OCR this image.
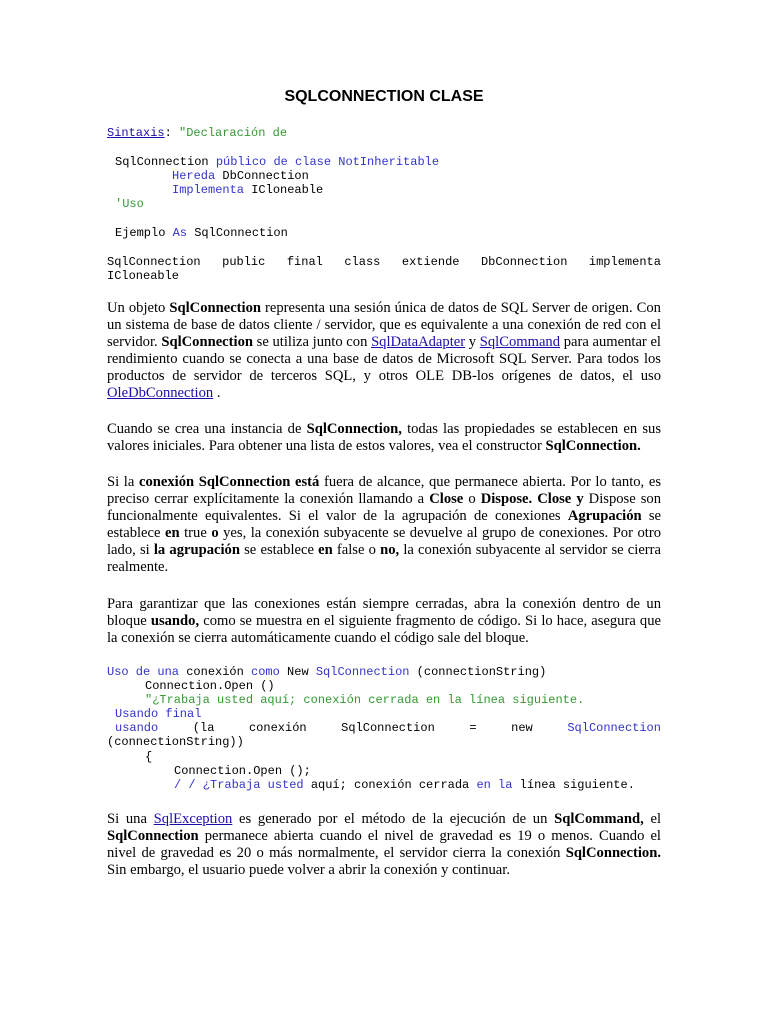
SQLCONNECTION CLASE
Sintaxis: "Declaración de
SqlConnection público de clase NotInheritable
Hereda DbConnection
Implementa ICloneable
'Uso
Ejemplo As SqlConnection
SqlConnection public final class extiende DbConnection implementa
ICloneable

Un objeto SqlConnection representa una sesión única de datos de SQL Server de origen. Con un sistema de base de datos cliente / servidor, que es equivalente a una conexión de red con el servidor. SqlConnection se utiliza junto con SqlDataAdapter y SqlCommand para aumentar el rendimiento cuando se conecta a una base de datos de Microsoft SQL Server. Para todos los productos de servidor de terceros SQL, y otros OLE DB-los orígenes de datos, el uso OleDbConnection .

Cuando se crea una instancia de SqlConnection, todas las propiedades se establecen en sus valores iniciales. Para obtener una lista de estos valores, vea el constructor SqlConnection.

Si la conexión SqlConnection está fuera de alcance, que permanece abierta. Por lo tanto, es preciso cerrar explícitamente la conexión llamando a Close o Dispose. Close y Dispose son funcionalmente equivalentes. Si el valor de la agrupación de conexiones Agrupación se establece en true o yes, la conexión subyacente se devuelve al grupo de conexiones. Por otro lado, si la agrupación se establece en false o no, la conexión subyacente al servidor se cierra realmente.

Para garantizar que las conexiones están siempre cerradas, abra la conexión dentro de un bloque usando, como se muestra en el siguiente fragmento de código. Si lo hace, asegura que la conexión se cierra automáticamente cuando el código sale del bloque.

Uso de una conexión como New SqlConnection (connectionString)
Connection.Open ()
"¿Trabaja usted aquí; conexión cerrada en la línea siguiente.
Usando final
usando	(la	conexión	SqlConnection	=	new	SqlConnection
(connectionString))
{
Connection.Open ();
/ / ¿Trabaja usted aquí; conexión cerrada en la línea siguiente.

Si una SqlException es generado por el método de la ejecución de un SqlCommand, el SqlConnection permanece abierta cuando el nivel de gravedad es 19 o menos. Cuando el nivel de gravedad es 20 o más normalmente, el servidor cierra la conexión SqlConnection. Sin embargo, el usuario puede volver a abrir la conexión y continuar.
